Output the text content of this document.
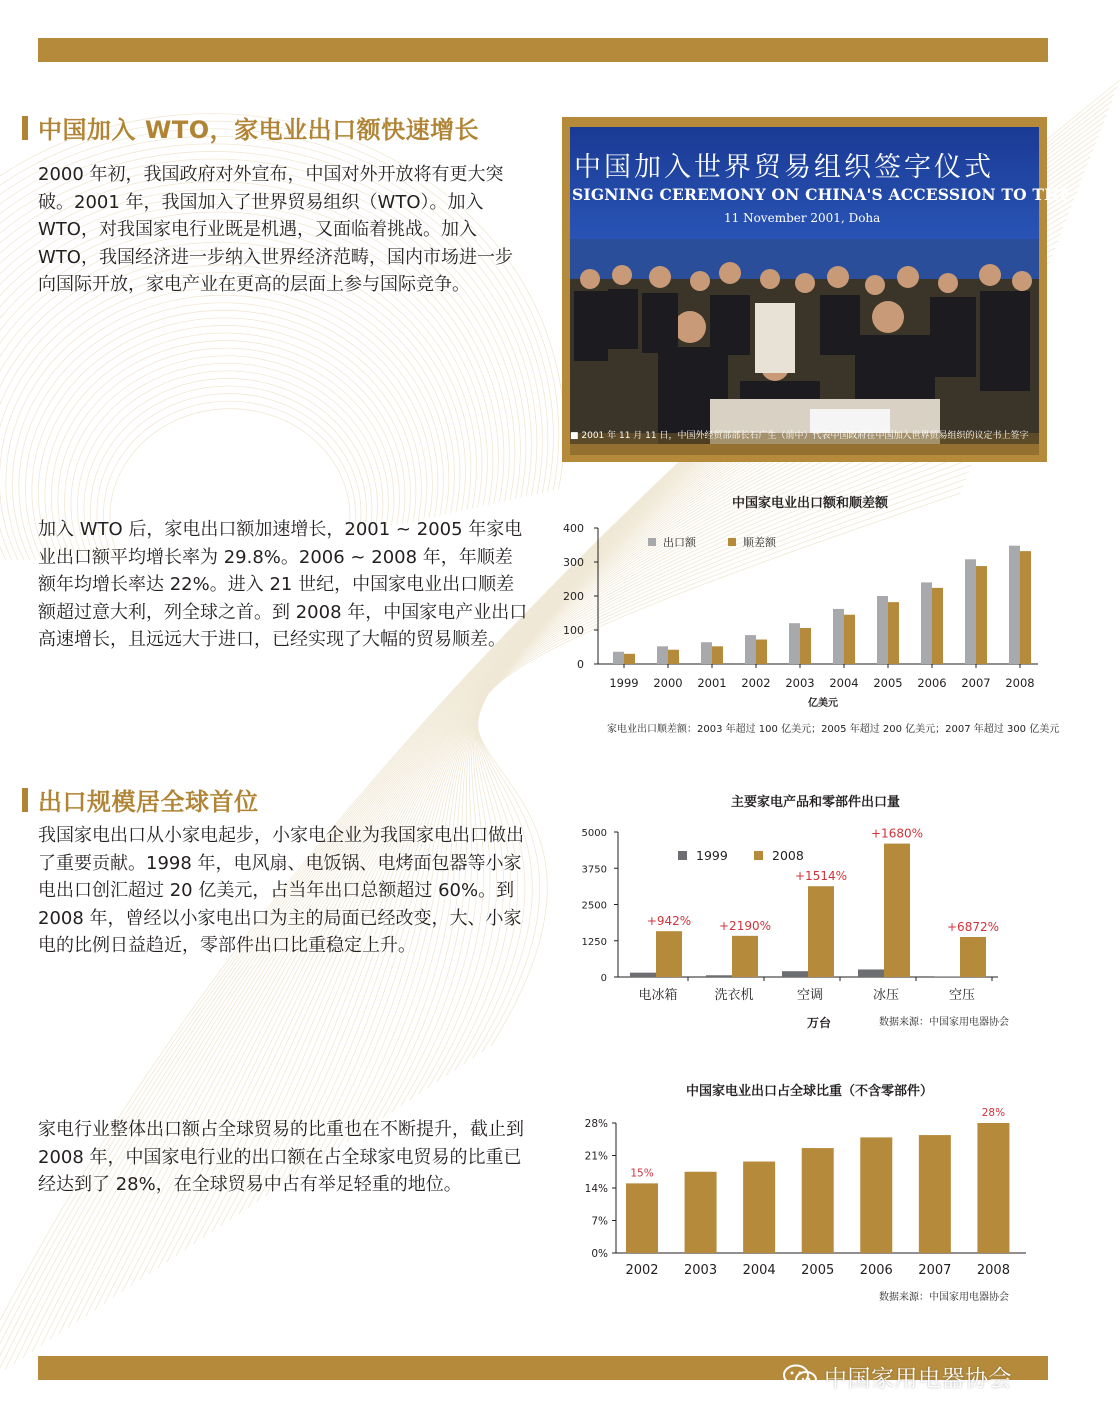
中国加入 WTO，家电业出口额快速增长
2000 年初，我国政府对外宣布，中国对外开放将有更大突破。2001 年，我国加入了世界贸易组织（WTO）。加入 WTO，对我国家电行业既是机遇，又面临着挑战。加入 WTO，我国经济进一步纳入世界经济范畴，国内市场进一步向国际开放，家电产业在更高的层面上参与国际竞争。
中国加入世界贸易组织签字仪式
SIGNING CEREMONY ON CHINA'S ACCESSION TO THE WTO
11 November 2001, Doha
■ 2001 年 11 月 11 日，中国外经贸部部长石广生（前中）代表中国政府在中国加入世界贸易组织的议定书上签字
加入 WTO 后，家电出口额加速增长，2001 ~ 2005 年家电业出口额平均增长率为 29.8%。2006 ~ 2008 年，年顺差额年均增长率达 22%。进入 21 世纪，中国家电业出口顺差额超过意大利，列全球之首。到 2008 年，中国家电产业出口高速增长，且远远大于进口，已经实现了大幅的贸易顺差。
中国家电业出口额和顺差额
0
100
200
300
400
1999 2000 2001 2002 2003 2004 2005 2006 2007 2008
出口额	顺差额
亿美元
家电业出口顺差额：2003 年超过 100 亿美元；2005 年超过 200 亿美元；2007 年超过 300 亿美元
出口规模居全球首位
我国家电出口从小家电起步，小家电企业为我国家电出口做出了重要贡献。1998 年，电风扇、电饭锅、电烤面包器等小家电出口创汇超过 20 亿美元，占当年出口总额超过 60%。到 2008 年，曾经以小家电出口为主的局面已经改变，大、小家电的比例日益趋近，零部件出口比重稳定上升。
主要家电产品和零部件出口量
0
1250
2500
3750
5000
+942%
电冰箱
+2190%
洗衣机
+1514%
空调
+1680%
冰压
+6872%
空压
1999	2008
万台	数据来源：中国家用电器协会
家电行业整体出口额占全球贸易的比重也在不断提升，截止到 2008 年，中国家电行业的出口额在占全球家电贸易的比重已经达到了 28%，在全球贸易中占有举足轻重的地位。
中国家电业出口占全球比重（不含零部件）
0%
7%
14%
21%
28%
15%
2002 2003 2004 2005 2006 2007
28%
2008
数据来源：中国家用电器协会
中国家用电器协会
